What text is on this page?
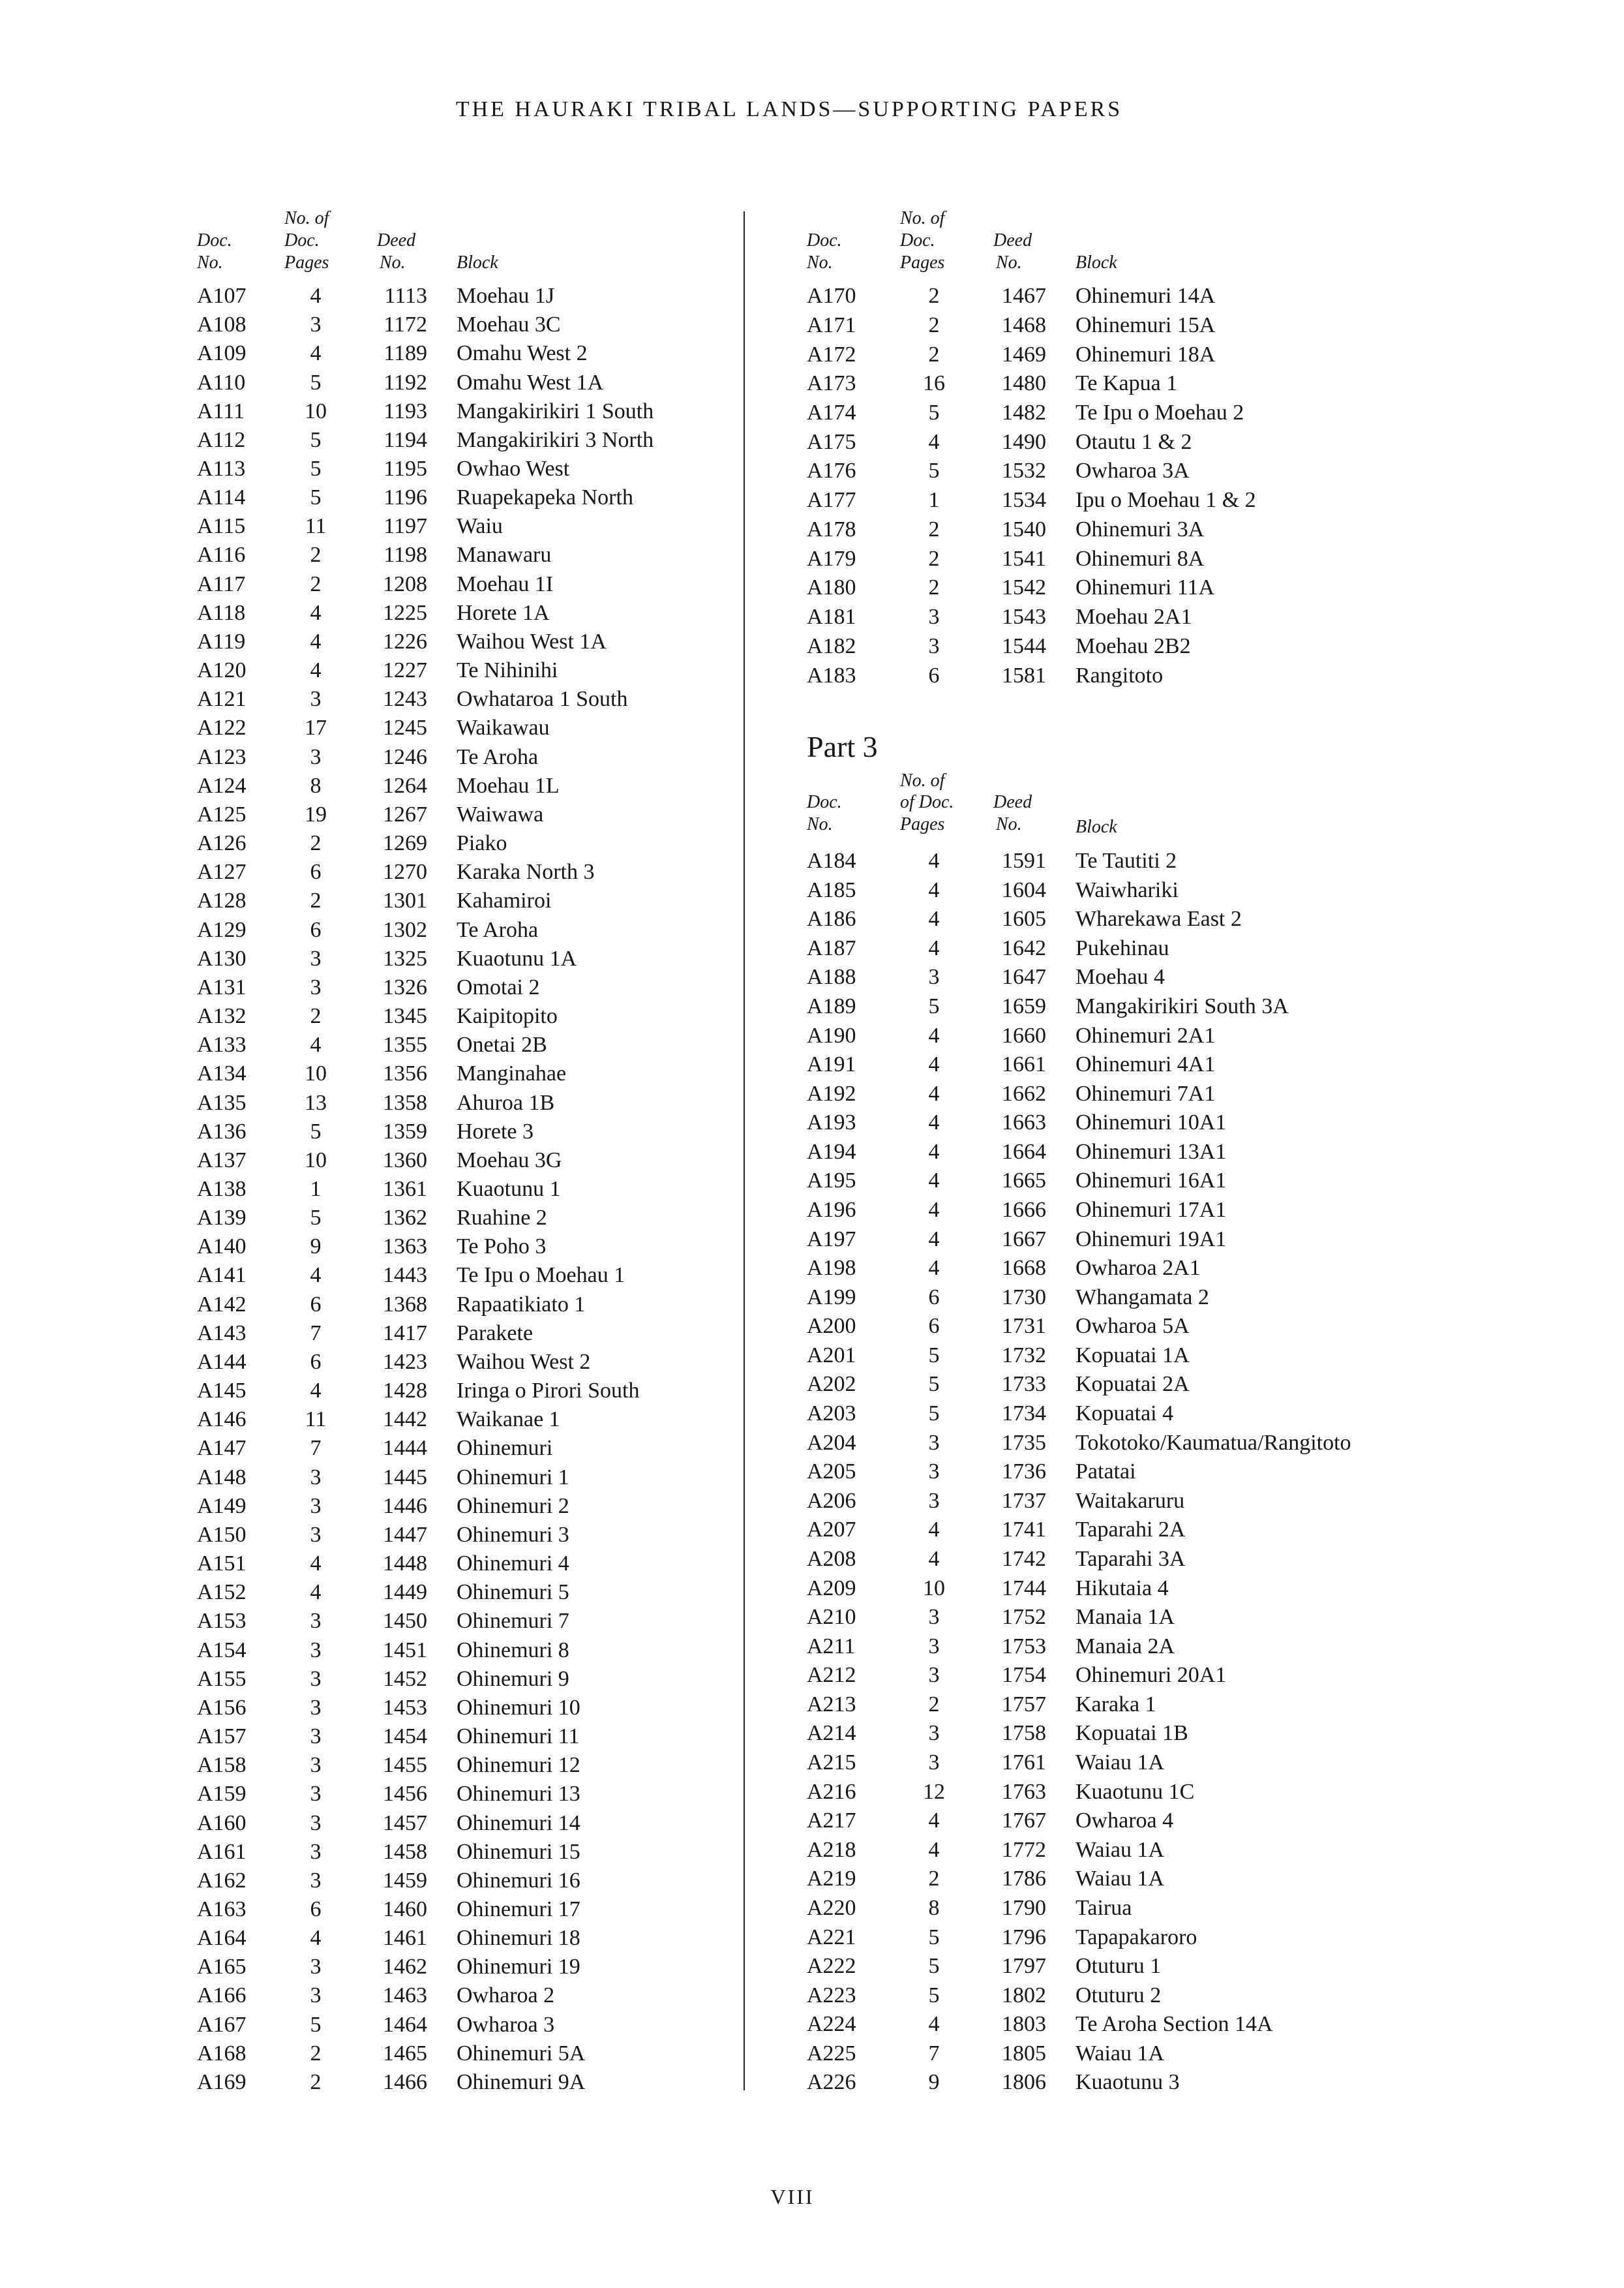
THE HAURAKI TRIBAL LANDS—SUPPORTING PAPERS
No. of
Doc.	Doc.	Deed
No.	Pages	No.	Block
No. of
Doc.	Doc.	Deed
No.	Pages	No.	Block
Part 3
No. of
Doc.	of Doc. Deed
No.	Pages	No.	Block
A107	4	1113 Moehau 1J
A108	3	1172 Moehau 3C
A109	4	1189 Omahu West 2
A110	5	1192 Omahu West 1A
A111	10	1193 Mangakirikiri 1 South
A112	5	1194 Mangakirikiri 3 North
A113	5	1195 Owhao West
A114	5	1196 Ruapekapeka North
A115	11	1197 Waiu
A116	2	1198 Manawaru
A117	2	1208 Moehau 1I
A118	4	1225 Horete 1A
A119	4	1226 Waihou West 1A
A120	4	1227 Te Nihinihi
A121	3	1243 Owhataroa 1 South
A122	17	1245 Waikawau
A123	3	1246 Te Aroha
A124	8	1264 Moehau 1L
A125	19	1267 Waiwawa
A126	2	1269 Piako
A127	6	1270 Karaka North 3
A128	2	1301 Kahamiroi
A129	6	1302 Te Aroha
A130	3	1325 Kuaotunu 1A
A131	3	1326 Omotai 2
A132	2	1345 Kaipitopito
A133	4	1355 Onetai 2B
A134	10	1356 Manginahae
A135	13	1358 Ahuroa 1B
A136	5	1359 Horete 3
A137	10	1360 Moehau 3G
A138	1	1361 Kuaotunu 1
A139	5	1362 Ruahine 2
A140	9	1363 Te Poho 3
A141	4	1443 Te Ipu o Moehau 1
A142	6	1368 Rapaatikiato 1
A143	7	1417 Parakete
A144	6	1423 Waihou West 2
A145	4	1428 Iringa o Pirori South
A146	11	1442 Waikanae 1
A147	7	1444 Ohinemuri
A148	3	1445 Ohinemuri 1
A149	3	1446 Ohinemuri 2
A150	3	1447 Ohinemuri 3
A151	4	1448 Ohinemuri 4
A152	4	1449 Ohinemuri 5
A153	3	1450 Ohinemuri 7
A154	3	1451 Ohinemuri 8
A155	3	1452 Ohinemuri 9
A156	3	1453 Ohinemuri 10
A157	3	1454 Ohinemuri 11
A158	3	1455 Ohinemuri 12
A159	3	1456 Ohinemuri 13
A160	3	1457 Ohinemuri 14
A161	3	1458 Ohinemuri 15
A162	3	1459 Ohinemuri 16
A163	6	1460 Ohinemuri 17
A164	4	1461 Ohinemuri 18
A165	3	1462 Ohinemuri 19
A166	3	1463 Owharoa 2
A167	5	1464 Owharoa 3
A168	2	1465 Ohinemuri 5A
A169	2	1466 Ohinemuri 9A
A170	2	1467 Ohinemuri 14A
A171	2	1468 Ohinemuri 15A
A172	2	1469 Ohinemuri 18A
A173	16	1480 Te Kapua 1
A174	5	1482 Te Ipu o Moehau 2
A175	4	1490 Otautu 1 & 2
A176	5	1532 Owharoa 3A
A177	1	1534 Ipu o Moehau 1 & 2
A178	2	1540 Ohinemuri 3A
A179	2	1541 Ohinemuri 8A
A180	2	1542 Ohinemuri 11A
A181	3	1543 Moehau 2A1
A182	3	1544 Moehau 2B2
A183	6	1581 Rangitoto
A184	4	1591 Te Tautiti 2
A185	4	1604 Waiwhariki
A186	4	1605 Wharekawa East 2
A187	4	1642 Pukehinau
A188	3	1647 Moehau 4
A189	5	1659 Mangakirikiri South 3A
A190	4	1660 Ohinemuri 2A1
A191	4	1661 Ohinemuri 4A1
A192	4	1662 Ohinemuri 7A1
A193	4	1663 Ohinemuri 10A1
A194	4	1664 Ohinemuri 13A1
A195	4	1665 Ohinemuri 16A1
A196	4	1666 Ohinemuri 17A1
A197	4	1667 Ohinemuri 19A1
A198	4	1668 Owharoa 2A1
A199	6	1730 Whangamata 2
A200	6	1731 Owharoa 5A
A201	5	1732 Kopuatai 1A
A202	5	1733 Kopuatai 2A
A203	5	1734 Kopuatai 4
A204	3	1735 Tokotoko/Kaumatua/Rangitoto
A205	3	1736 Patatai
A206	3	1737 Waitakaruru
A207	4	1741 Taparahi 2A
A208	4	1742 Taparahi 3A
A209	10	1744 Hikutaia 4
A210	3	1752 Manaia 1A
A211	3	1753 Manaia 2A
A212	3	1754 Ohinemuri 20A1
A213	2	1757 Karaka 1
A214	3	1758 Kopuatai 1B
A215	3	1761 Waiau 1A
A216	12	1763 Kuaotunu 1C
A217	4	1767 Owharoa 4
A218	4	1772 Waiau 1A
A219	2	1786 Waiau 1A
A220	8	1790 Tairua
A221	5	1796 Tapapakaroro
A222	5	1797 Otuturu 1
A223	5	1802 Otuturu 2
A224	4	1803 Te Aroha Section 14A
A225	7	1805 Waiau 1A
A226	9	1806 Kuaotunu 3
VIII
